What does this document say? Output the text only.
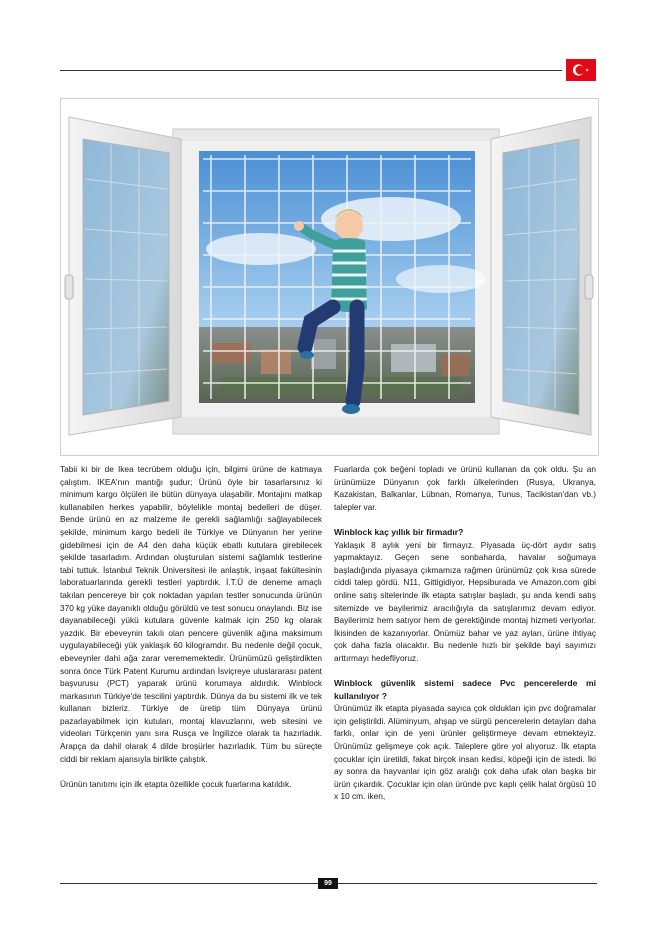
Tabii ki bir de Ikea tecrübem olduğu için, bilgimi ürüne de katmaya çalıştım. IKEA'nın mantığı şudur; Ürünü öyle bir tasarlarsınız ki minimum kargo ölçüleri ile bütün dünyaya ulaşabilir. Montajını matkap kullanabilen herkes yapabilir, böylelikle montaj bedelleri de düşer. Bende ürünü en az malzeme ile gerekli sağlamlığı sağlayabilecek şekilde, minimum kargo bedeli ile Türkiye ve Dünyanın her yerine gidebilmesi için de A4 den daha küçük ebatlı kutulara girebilecek şekilde tasarladım. Ardından oluşturulan sistemi sağlamlık testlerine tabi tuttuk. İstanbul Teknik Üniversitesi ile anlaştık, inşaat fakültesinin laboratuarlarında gerekli testleri yaptırdık. İ.T.Ü de deneme amaçlı takılan pencereye bir çok noktadan yapılan testler sonucunda ürünün 370 kg yüke dayanıklı olduğu görüldü ve test sonucu onaylandı. Biz ise dayanabileceği yükü kutulara güvenle kalmak için 250 kg olarak yazdık. Bir ebeveynin takılı olan pencere güvenlik ağına maksimum uygulayabileceği yük yaklaşık 60 kilogramdır. Bu nedenle değil çocuk, ebeveynler dahi ağa zarar verememektedir. Ürünümüzü geliştirdikten sonra önce Türk Patent Kurumu ardından İsviçreye uluslararası patent başvurusu (PCT) yaparak ürünü korumaya aldırdık. Winblock markasının Türkiye'de tescilini yaptırdık. Dünya da bu sistemi ilk ve tek kullanan bizleriz. Türkiye de üretip tüm Dünyaya ürünü pazarlayabilmek için kutuları, montaj klavuzlarını, web sitesini ve videoları Türkçenin yanı sıra Rusça ve İngilizce olarak ta hazırladık. Arapça da dahil olarak 4 dilde broşürler hazırladık. Tüm bu süreçte ciddi bir reklam ajansıyla birlikte çalıştık.

Ürünün tanıtımı için ilk etapta özellikle çocuk fuarlarına katıldık.

Fuarlarda çok beğeni topladı ve ürünü kullanan da çok oldu. Şu an ürünümüze Dünyanın çok farklı ülkelerinden (Rusya, Ukranya, Kazakistan, Balkanlar, Lübnan, Romanya, Tunus, Tacikistan'dan vb.) talepler var.

Winblock kaç yıllık bir firmadır?

Yaklaşık 8 aylık yeni bir firmayız. Piyasada üç-dört aydır satış yapmaktayız. Geçen sene sonbaharda, havalar soğumaya başladığında piyasaya çıkmamıza rağmen ürünümüz çok kısa sürede ciddi talep gördü. N11, Gittigidiyor, Hepsiburada ve Amazon.com gibi online satış sitelerinde ilk etapta satışlar başladı, şu anda kendi satış sitemizde ve bayilerimiz aracılığıyla da satışlarımız devam ediyor. Bayilerimiz hem satıyor hem de gerektiğinde montaj hizmeti veriyorlar. İkisinden de kazanıyorlar. Önümüz bahar ve yaz ayları, ürüne ihtiyaç çok daha fazla olacaktır. Bu nedenle hızlı bir şekilde bayi sayımızı arttırmayı hedefliyoruz.

Winblock güvenlik sistemi sadece Pvc pencerelerde mi kullanılıyor ?

Ürünümüz ilk etapta piyasada sayıca çok oldukları için pvc doğramalar için geliştirildi. Alüminyum, ahşap ve sürgü pencerelerin detayları daha farklı, onlar için de yeni ürünler geliştirmeye devam etmekteyiz. Ürünümüz gelişmeye çok açık. Taleplere göre yol alıyoruz. İlk etapta çocuklar için üretildi, fakat birçok insan kedisi, köpeği için de istedi. İki ay sonra da hayvanlar için göz aralığı çok daha ufak olan başka bir ürün çıkardık. Çocuklar için olan üründe pvc kaplı çelik halat örgüsü 10 x 10 cm. iken,

99
